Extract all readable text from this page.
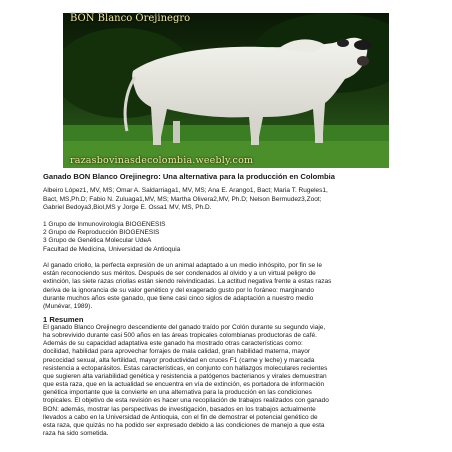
BON Blanco Orejinegro
razasbovinasdecolombia.weebly.com
Ganado BON Blanco Orejinegro: Una alternativa para la producción en Colombia
Albeiro López1, MV, MS; Omar A. Saldarriaga1, MV, MS; Ana E. Arango1, Bact; Maria T. Rugeles1,
Bact, MS,Ph.D; Fabio N. Zuluaga1,MV, MS; Martha Olivera2,MV, Ph.D; Nelson Bermudez3,Zoot;
Gabriel Bedoya3,Biol,MS y Jorge E. Ossa1 MV, MS, Ph.D.
1 Grupo de Inmunovirología BIOGENESIS
2 Grupo de Reproducción BIOGENESIS
3 Grupo de Genética Molecular UdeA
Facultad de Medicina, Universidad de Antioquia
Al ganado criollo, la perfecta expresión de un animal adaptado a un medio inhóspito, por fin se le
están reconociendo sus méritos. Después de ser condenados al olvido y a un virtual peligro de
extinción, las siete razas criollas están siendo reivindicadas. La actitud negativa frente a estas razas
deriva de la ignorancia de su valor genético y del exagerado gusto por lo foráneo: marginando
durante muchos años este ganado, que tiene casi cinco siglos de adaptación a nuestro medio
(Munévar, 1989).
1 Resumen
El ganado Blanco Orejinegro descendiente del ganado traído por Colón durante su segundo viaje,
ha sobrevivido durante casi 500 años en las áreas tropicales colombianas productoras de café.
Además de su capacidad adaptativa este ganado ha mostrado otras características como:
docilidad, habilidad para aprovechar forrajes de mala calidad, gran habilidad materna, mayor
precocidad sexual, alta fertilidad, mayor productividad en cruces F1 (carne y leche) y marcada
resistencia a ectoparásitos. Estas características, en conjunto con hallazgos moleculares recientes
que sugieren alta variabilidad genética y resistencia a patógenos bacterianos y virales demuestran
que esta raza, que en la actualidad se encuentra en vía de extinción, es portadora de información
genética importante que la convierte en una alternativa para la producción en las condiciones
tropicales. El objetivo de esta revisión es hacer una recopilación de trabajos realizados con ganado
BON: además, mostrar las perspectivas de investigación, basados en los trabajos actualmente
llevados a cabo en la Universidad de Antioquia, con el fin de demostrar el potencial genético de
esta raza, que quizás no ha podido ser expresado debido a las condiciones de manejo a que esta
raza ha sido sometida.
